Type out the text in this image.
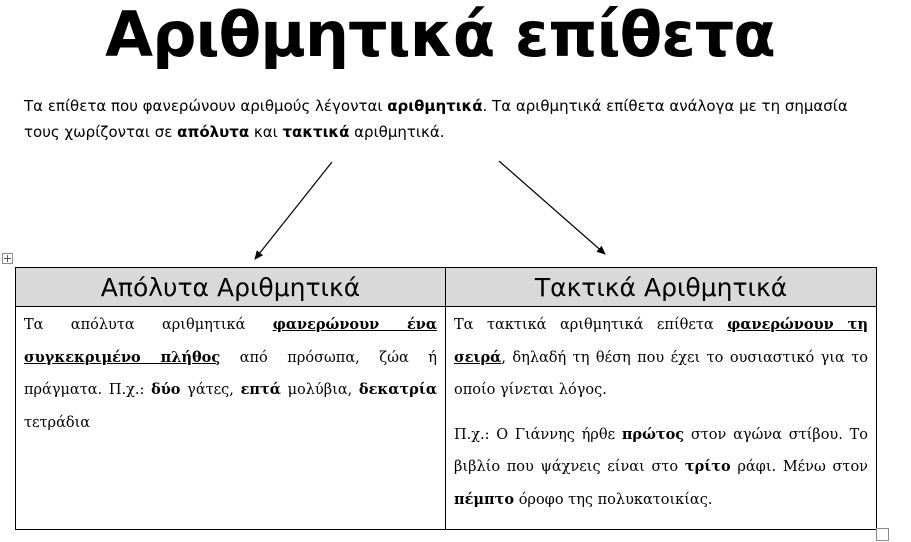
Αριθμητικά επίθετα

Τα επίθετα που φανερώνουν αριθμούς λέγονται αριθμητικά. Τα αριθμητικά επίθετα ανάλογα με τη σημασία τους χωρίζονται σε απόλυτα και τακτικά αριθμητικά.

Απόλυτα Αριθμητικά	Τακτικά Αριθμητικά

Τα απόλυτα αριθμητικά φανερώνουν ένα συγκεκριμένο πλήθος από πρόσωπα, ζώα ή πράγματα. Π.χ.: δύο γάτες, επτά μολύβια, δεκατρία τετράδια	Τα τακτικά αριθμητικά επίθετα φανερώνουν τη σειρά, δηλαδή τη θέση που έχει το ουσιαστικό για το οποίο γίνεται λόγος.

Π.χ.: Ο Γιάννης ήρθε πρώτος στον αγώνα στίβου. Το βιβλίο που ψάχνεις είναι στο τρίτο ράφι. Μένω στον πέμπτο όροφο της πολυκατοικίας.
